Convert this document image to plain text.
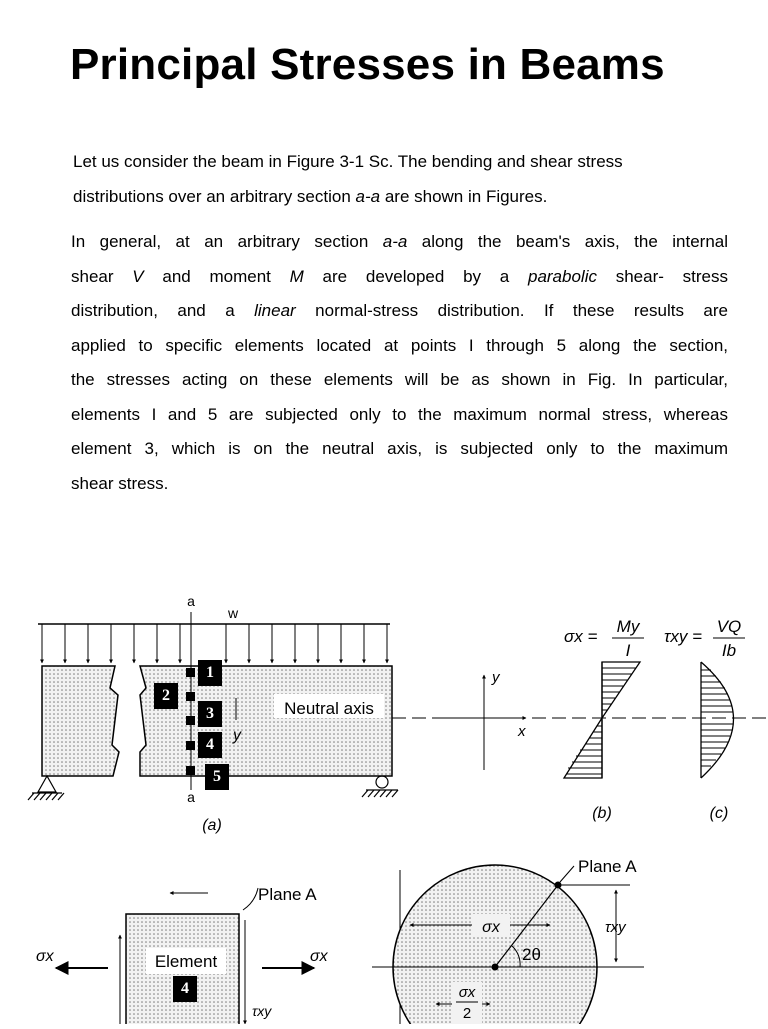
Principal Stresses in Beams
Let us consider the beam in Figure 3-1 Sc. The bending and shear stress
distributions over an arbitrary section a-a are shown in Figures.
In general, at an arbitrary section a-a along the beam's axis, the internal
shear V and moment M are developed by a parabolic shear- stress
distribution, and a linear normal-stress distribution. If these results are
applied to specific elements located at points I through 5 along the section,
the stresses acting on these elements will be as shown in Fig. In particular,
elements I and 5 are subjected only to the maximum normal stress, whereas
element 3, which is on the neutral axis, is subjected only to the maximum
shear stress.
a
a
w
Neutral axis
y
(a)
y
x
σx =
My
I
(b)
τxy =
VQ
Ib
(c)
Plane A
Element
σx	σx
τxy
Plane A
τxy
σx
2θ
σx
2
1
2
3
4
5
4
